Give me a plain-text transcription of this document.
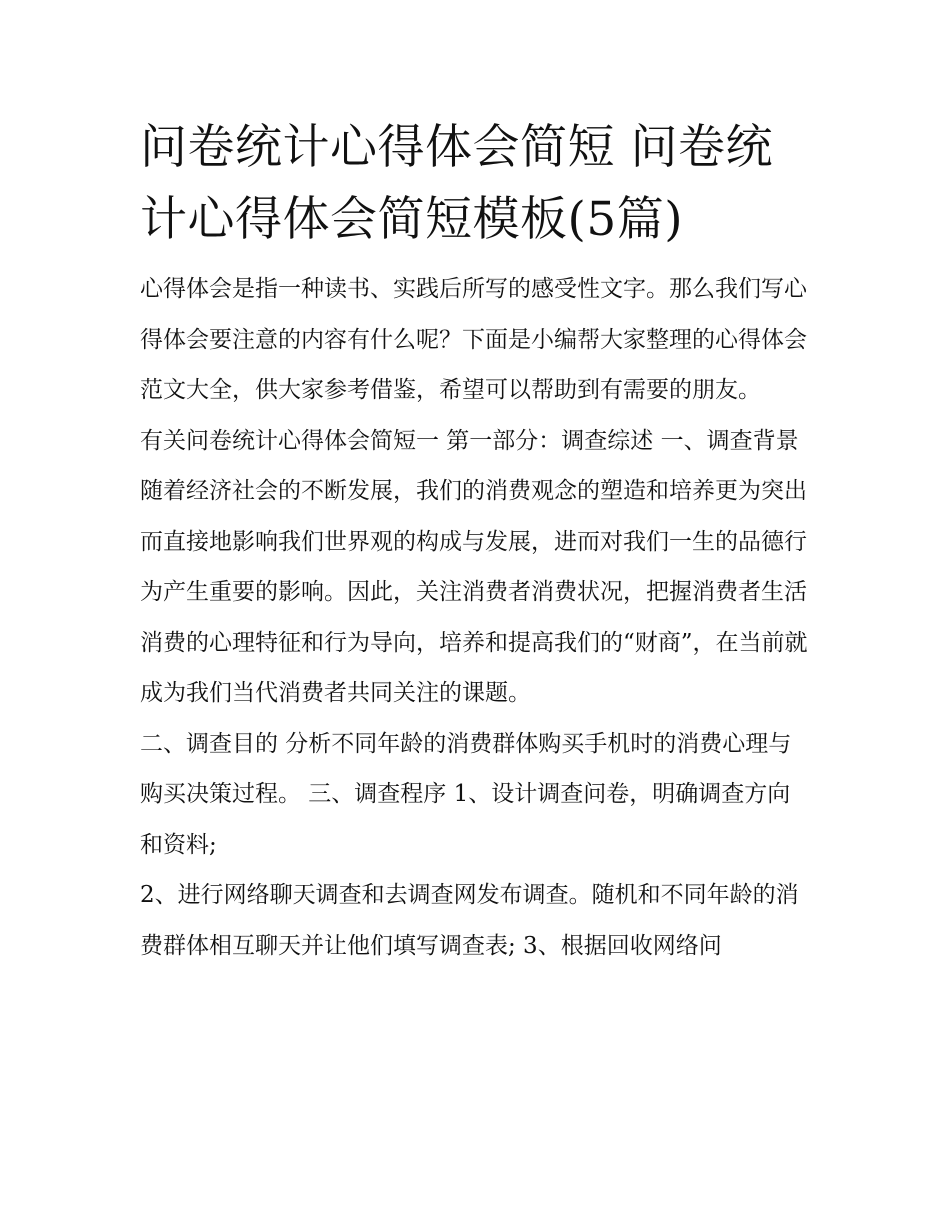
问卷统计心得体会简短 问卷统计心得体会简短模板(5篇)

心得体会是指一种读书、实践后所写的感受性文字。那么我们写心得体会要注意的内容有什么呢？下面是小编帮大家整理的心得体会范文大全，供大家参考借鉴，希望可以帮助到有需要的朋友。

有关问卷统计心得体会简短一 第一部分：调查综述 一、调查背景

随着经济社会的不断发展，我们的消费观念的塑造和培养更为突出而直接地影响我们世界观的构成与发展，进而对我们一生的品德行为产生重要的影响。因此，关注消费者消费状况，把握消费者生活消费的心理特征和行为导向，培养和提高我们的“财商”，在当前就成为我们当代消费者共同关注的课题。

二、调查目的 分析不同年龄的消费群体购买手机时的消费心理与购买决策过程。 三、调查程序 1、设计调查问卷，明确调查方向和资料;

2、进行网络聊天调查和去调查网发布调查。随机和不同年龄的消费群体相互聊天并让他们填写调查表; 3、根据回收网络问
